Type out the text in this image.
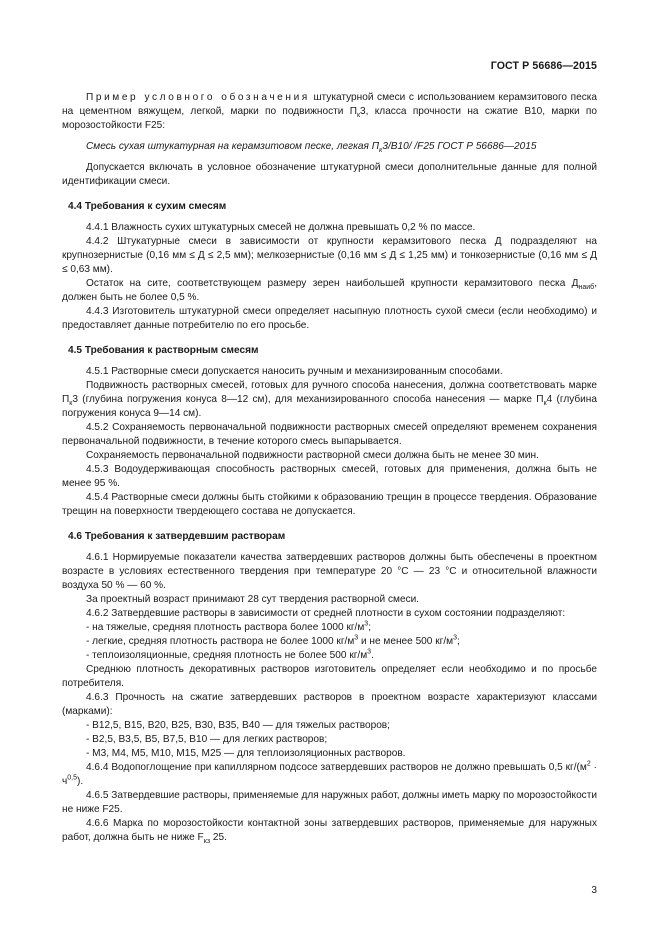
ГОСТ Р 56686—2015

Пример условного обозначения штукатурной смеси с использованием керамзитового песка на цементном вяжущем, легкой, марки по подвижности $П_к3$, класса прочности на сжатие B10, марки по морозостойкости F25:

Смесь сухая штукатурная на керамзитовом песке, легкая $П_к3/В10/$ /F25 ГОСТ Р 56686—2015

Допускается включать в условное обозначение штукатурной смеси дополнительные данные для полной идентификации смеси.

4.4 Требования к сухим смесям

4.4.1 Влажность сухих штукатурных смесей не должна превышать 0,2 % по массе.

4.4.2 Штукатурные смеси в зависимости от крупности керамзитового песка Д подразделяют на крупнозернистые (0,16 мм ≤ Д ≤ 2,5 мм); мелкозернистые (0,16 мм ≤ Д ≤ 1,25 мм) и тонкозернистые (0,16 мм ≤ Д ≤ 0,63 мм).

Остаток на сите, соответствующем размеру зерен наибольшей крупности керамзитового песка $Д_{наиб}$, должен быть не более 0,5 %.

4.4.3 Изготовитель штукатурной смеси определяет насыпную плотность сухой смеси (если необходимо) и предоставляет данные потребителю по его просьбе.

4.5 Требования к растворным смесям

4.5.1 Растворные смеси допускается наносить ручным и механизированным способами.

Подвижность растворных смесей, готовых для ручного способа нанесения, должна соответствовать марке $П_к3$ (глубина погружения конуса 8—12 см), для механизированного способа нанесения — марке $П_к4$ (глубина погружения конуса 9—14 см).

4.5.2 Сохраняемость первоначальной подвижности растворных смесей определяют временем сохранения первоначальной подвижности, в течение которого смесь выпарывается.

Сохраняемость первоначальной подвижности растворной смеси должна быть не менее 30 мин.

4.5.3 Водоудерживающая способность растворных смесей, готовых для применения, должна быть не менее 95 %.

4.5.4 Растворные смеси должны быть стойкими к образованию трещин в процессе твердения. Образование трещин на поверхности твердеющего состава не допускается.

4.6 Требования к затвердевшим растворам

4.6.1 Нормируемые показатели качества затвердевших растворов должны быть обеспечены в проектном возрасте в условиях естественного твердения при температуре 20 °С — 23 °С и относительной влажности воздуха 50 % — 60 %.

За проектный возраст принимают 28 сут твердения растворной смеси.

4.6.2 Затвердевшие растворы в зависимости от средней плотности в сухом состоянии подразделяют:

- на тяжелые, средняя плотность раствора более 1000 $кг/м^3$;

- легкие, средняя плотность раствора не более 1000 $кг/м^3$ и не менее 500 $кг/м^3$;

- теплоизоляционные, средняя плотность не более 500 $кг/м^3$.

Среднюю плотность декоративных растворов изготовитель определяет если необходимо и по просьбе потребителя.

4.6.3 Прочность на сжатие затвердевших растворов в проектном возрасте характеризуют классами (марками):

- В12,5, В15, В20, В25, В30, В35, В40 — для тяжелых растворов;

- В2,5, В3,5, В5, В7,5, В10 — для легких растворов;

- М3, М4, М5, М10, М15, М25 — для теплоизоляционных растворов.

4.6.4 Водопоглощение при капиллярном подсосе затвердевших растворов не должно превышать 0,5 $кг/(м^2 \cdot ч^{0,5})$.

4.6.5 Затвердевшие растворы, применяемые для наружных работ, должны иметь марку по морозостойкости не ниже F25.

4.6.6 Марка по морозостойкости контактной зоны затвердевших растворов, применяемые для наружных работ, должна быть не ниже $F_{кз}$ 25.

3
